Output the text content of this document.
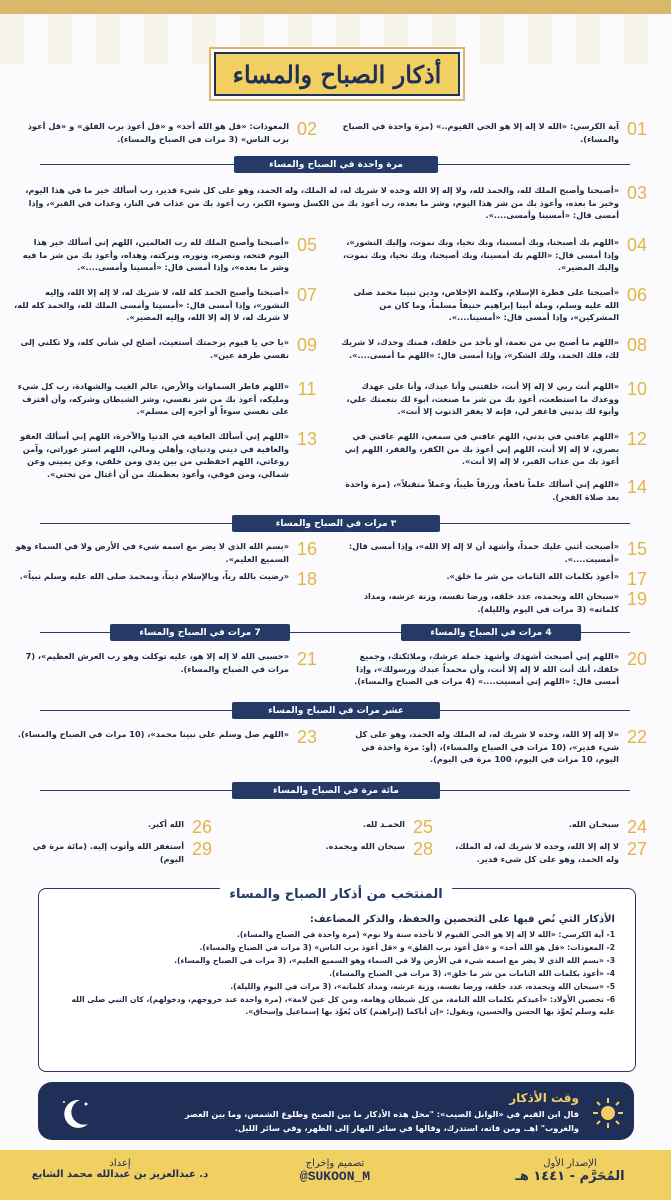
أذكار الصباح والمساء
01
آية الكرسي: «الله لا إله إلا هو الحي القيوم..» (مرة واحدة في الصباح والمساء).
02
المعوذات: «قل هو الله أحد» و «قل أعوذ برب الفلق» و «قل أعوذ برب الناس» (3 مرات في الصباح والمساء).
مرة واحدة في الصباح والمساء
03
«أصبحنا وأصبح الملك لله، والحمد لله، ولا إله إلا الله وحده لا شريك له، له الملك، وله الحمد، وهو على كل شيء قدير، رب أسألك خير ما في هذا اليوم، وخير ما بعده، وأعوذ بك من شر هذا اليوم، وشر ما بعده، رب أعوذ بك من الكسل وسوء الكبر، رب أعوذ بك من عذاب في النار، وعذاب في القبر»، وإذا أمسى قال: «أمسينا وأمسى....».
04
«اللهم بك أصبحنا، وبك أمسينا، وبك نحيا، وبك نموت، وإليك النشور»، وإذا أمسى قال: «اللهم بك أمسينا، وبك أصبحنا، وبك نحيا، وبك نموت، وإليك المصير».
05
«أصبحنا وأصبح الملك لله رب العالمين، اللهم إني أسألك خير هذا اليوم فتحه، ونصره، ونوره، وبركته، وهداه، وأعوذ بك من شر ما فيه وشر ما بعده»، وإذا أمسى قال: «أمسينا وأمسى....».
06
«أصبحنا على فطرة الإسلام، وكلمة الإخلاص، ودين نبينا محمد صلى الله عليه وسلم، وملة أبينا إبراهيم حنيفاً مسلماً، وما كان من المشركين»، وإذا أمسى قال: «أمسينا....».
07
«أصبحنا وأصبح الحمد كله لله، لا شريك له، لا إله إلا الله، وإليه النشور»، وإذا أمسى قال: «أمسينا وأمسى الملك لله، والحمد كله لله، لا شريك له، لا إله إلا الله، وإليه المصير».
08
«اللهم ما أصبح بي من نعمة، أو بأحد من خلقك، فمنك وحدك، لا شريك لك، فلك الحمد، ولك الشكر»، وإذا أمسى قال: «اللهم ما أمسى....».
09
«يا حي يا قيوم برحمتك أستغيث، أصلح لي شأني كله، ولا تكلني إلى نفسي طرفة عين».
10
«اللهم أنت ربي لا إله إلا أنت، خلقتني وأنا عبدك، وأنا على عهدك ووعدك ما استطعت، أعوذ بك من شر ما صنعت، أبوء لك بنعمتك علي، وأبوء لك بذنبي فاغفر لي، فإنه لا يغفر الذنوب إلا أنت».
11
«اللهم فاطر السماوات والأرض، عالم الغيب والشهادة، رب كل شيء ومليكه، أعوذ بك من شر نفسي، وشر الشيطان وشركه، وأن أقترف على نفسي سوءاً أو أجره إلى مسلم».
12
«اللهم عافني في بدني، اللهم عافني في سمعي، اللهم عافني في بصري، لا إله إلا أنت، اللهم إني أعوذ بك من الكفر، والفقر، اللهم إني أعوذ بك من عذاب القبر، لا إله إلا أنت».
13
«اللهم إني أسألك العافية في الدنيا والآخرة، اللهم إني أسألك العفو والعافية في ديني ودنياي، وأهلي ومالي، اللهم استر عوراتي، وآمن روعاتي، اللهم احفظني من بين يدي ومن خلفي، وعن يميني وعن شمالي، ومن فوقي، وأعوذ بعظمتك من أن أغتال من تحتي».
14
«اللهم إني أسألك علماً نافعاً، ورزقاً طيباً، وعملاً متقبلاً»، (مرة واحدة بعد صلاة الفجر).
٣ مرات في الصباح والمساء
15
«أصبحت أثني عليك حمداً، وأشهد أن لا إله إلا الله»، وإذا أمسى قال: «أمسيت....».
16
«بسم الله الذي لا يضر مع اسمه شيء في الأرض ولا في السماء وهو السميع العليم».
17
«أعوذ بكلمات الله التامات من شر ما خلق».
18
«رضيت بالله رباً، وبالإسلام ديناً، وبمحمد صلى الله عليه وسلم نبياً».
19
«سبحان الله وبحمده، عدد خلقه، ورضا نفسه، وزنة عرشه، ومداد كلماته» (3 مرات في اليوم والليلة).
4 مرات في الصباح والمساء
7 مرات في الصباح والمساء
20
«اللهم إني أصبحت أشهدك وأشهد حملة عرشك، وملائكتك، وجميع خلقك، أنك أنت الله لا إله إلا أنت، وأن محمداً عبدك ورسولك»، وإذا أمسى قال: «اللهم إني أمسيت....» (4 مرات في الصباح والمساء).
21
«حسبي الله لا إله إلا هو، عليه توكلت وهو رب العرش العظيم»، (7 مرات في الصباح والمساء).
عشر مرات في الصباح والمساء
22
«لا إله إلا الله، وحده لا شريك له، له الملك وله الحمد، وهو على كل شيء قدير»، (10 مرات في الصباح والمساء)، (أو: مرة واحدة في اليوم، 10 مرات في اليوم، 100 مرة في اليوم).
23
«اللهم صل وسلم على نبينا محمد»، (10 مرات في الصباح والمساء).
مائة مرة في الصباح والمساء
24
سبحـان الله.
25
الحمـد لله.
26
الله أكبر.
27
لا إله إلا الله، وحده لا شريك له، له الملك، وله الحمد، وهو على كل شيء قدير.
28
سبحان الله وبحمده.
29
أستغفر الله وأتوب إليه. (مائة مرة في اليوم)
المنتخب من أذكار الصباح والمساء
الأذكار التي نُص فيها على التحصين والحفظ، والذكر المضاعف:
1- آية الكرسي: «الله لا إله إلا هو الحي القيوم لا تأخذه سنة ولا نوم» (مرة واحدة في الصباح والمساء).
2- المعوذات: «قل هو الله أحد» و «قل أعوذ برب الفلق» و «قل أعوذ برب الناس» (3 مرات في الصباح والمساء).
3- «بسم الله الذي لا يضر مع اسمه شيء في الأرض ولا في السماء وهو السميع العليم»، (3 مرات في الصباح والمساء).
4- «أعوذ بكلمات الله التامات من شر ما خلق»، (3 مرات في الصباح والمساء).
5- «سبحان الله وبحمده، عدد خلقه، ورضا نفسه، وزنة عرشه، ومداد كلماته»، (3 مرات في اليوم والليلة).
6- تحصين الأولاد: «أعيذكم بكلمات الله التامة، من كل شيطان وهامة، ومن كل عين لامة»، (مرة واحدة عند خروجهم، ودخولهم)، كان النبي صلى الله عليه وسلم يُعوِّذ بها الحسن والحسين، ويقول: «إن أباكما (إبراهيم) كان يُعوِّذ بها إسماعيل وإسحاق».
وقت الأذكار
قال ابن القيم في «الوابل الصيب»: "محل هذه الأذكار ما بين الصبح وطلوع الشمس، وما بين العصر والغروب" اهـ. ومن فاته، استدرك، وقالها في سائر النهار إلى الظهر، وفي سائر الليل.
الإصدار الأول
المُحَرَّم - ١٤٤١ هـ
تصميم وإخراج
@SUKOON_M
إعداد
د. عبدالعزيز بن عبدالله محمد الشايع
